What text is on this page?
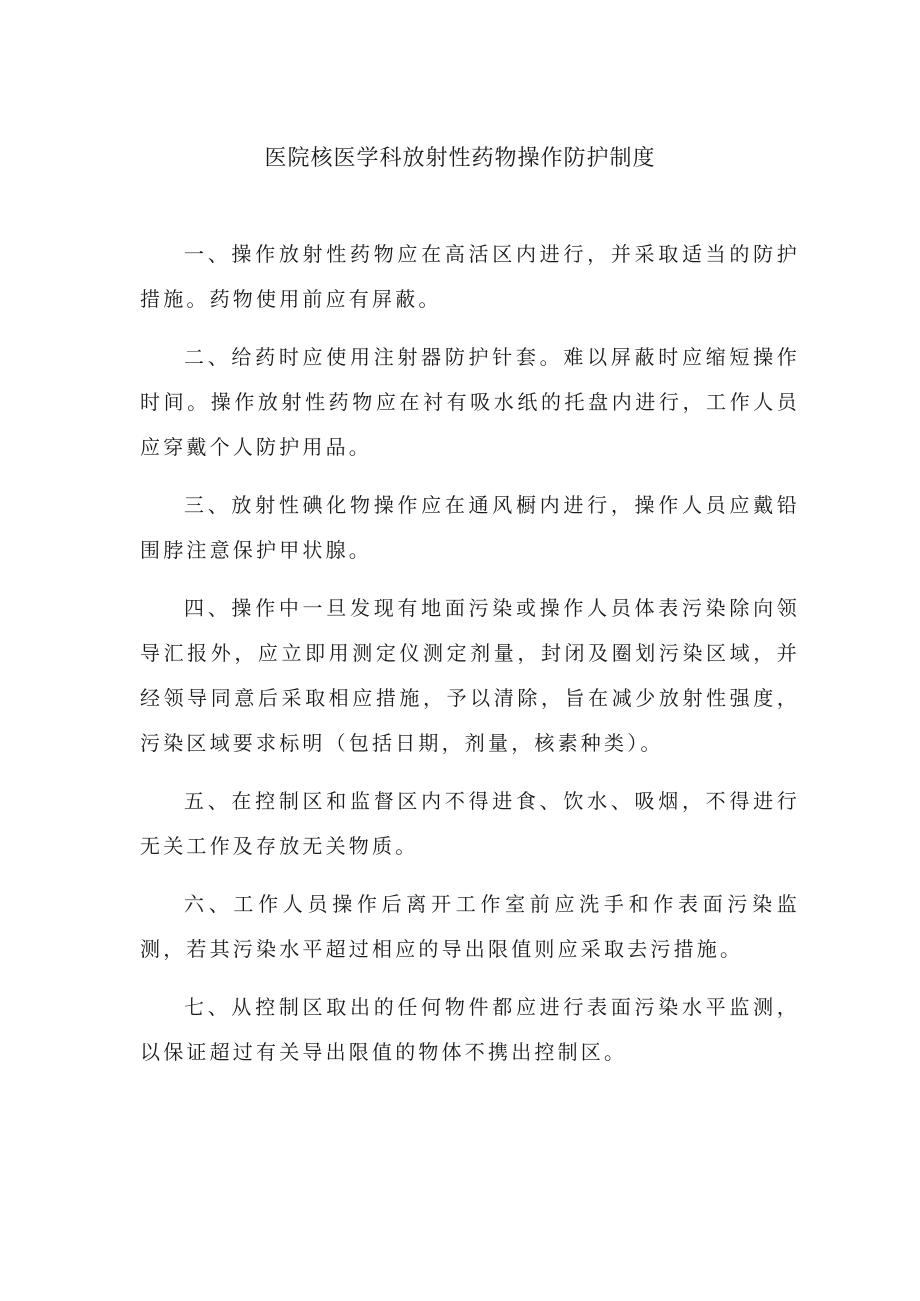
医院核医学科放射性药物操作防护制度

一、操作放射性药物应在高活区内进行，并采取适当的防护措施。药物使用前应有屏蔽。

二、给药时应使用注射器防护针套。难以屏蔽时应缩短操作时间。操作放射性药物应在衬有吸水纸的托盘内进行，工作人员应穿戴个人防护用品。

三、放射性碘化物操作应在通风橱内进行，操作人员应戴铅围脖注意保护甲状腺。

四、操作中一旦发现有地面污染或操作人员体表污染除向领导汇报外，应立即用测定仪测定剂量，封闭及圈划污染区域，并经领导同意后采取相应措施，予以清除，旨在减少放射性强度，污染区域要求标明（包括日期，剂量，核素种类）。

五、在控制区和监督区内不得进食、饮水、吸烟，不得进行无关工作及存放无关物质。

六、工作人员操作后离开工作室前应洗手和作表面污染监测，若其污染水平超过相应的导出限值则应采取去污措施。

七、从控制区取出的任何物件都应进行表面污染水平监测，以保证超过有关导出限值的物体不携出控制区。
